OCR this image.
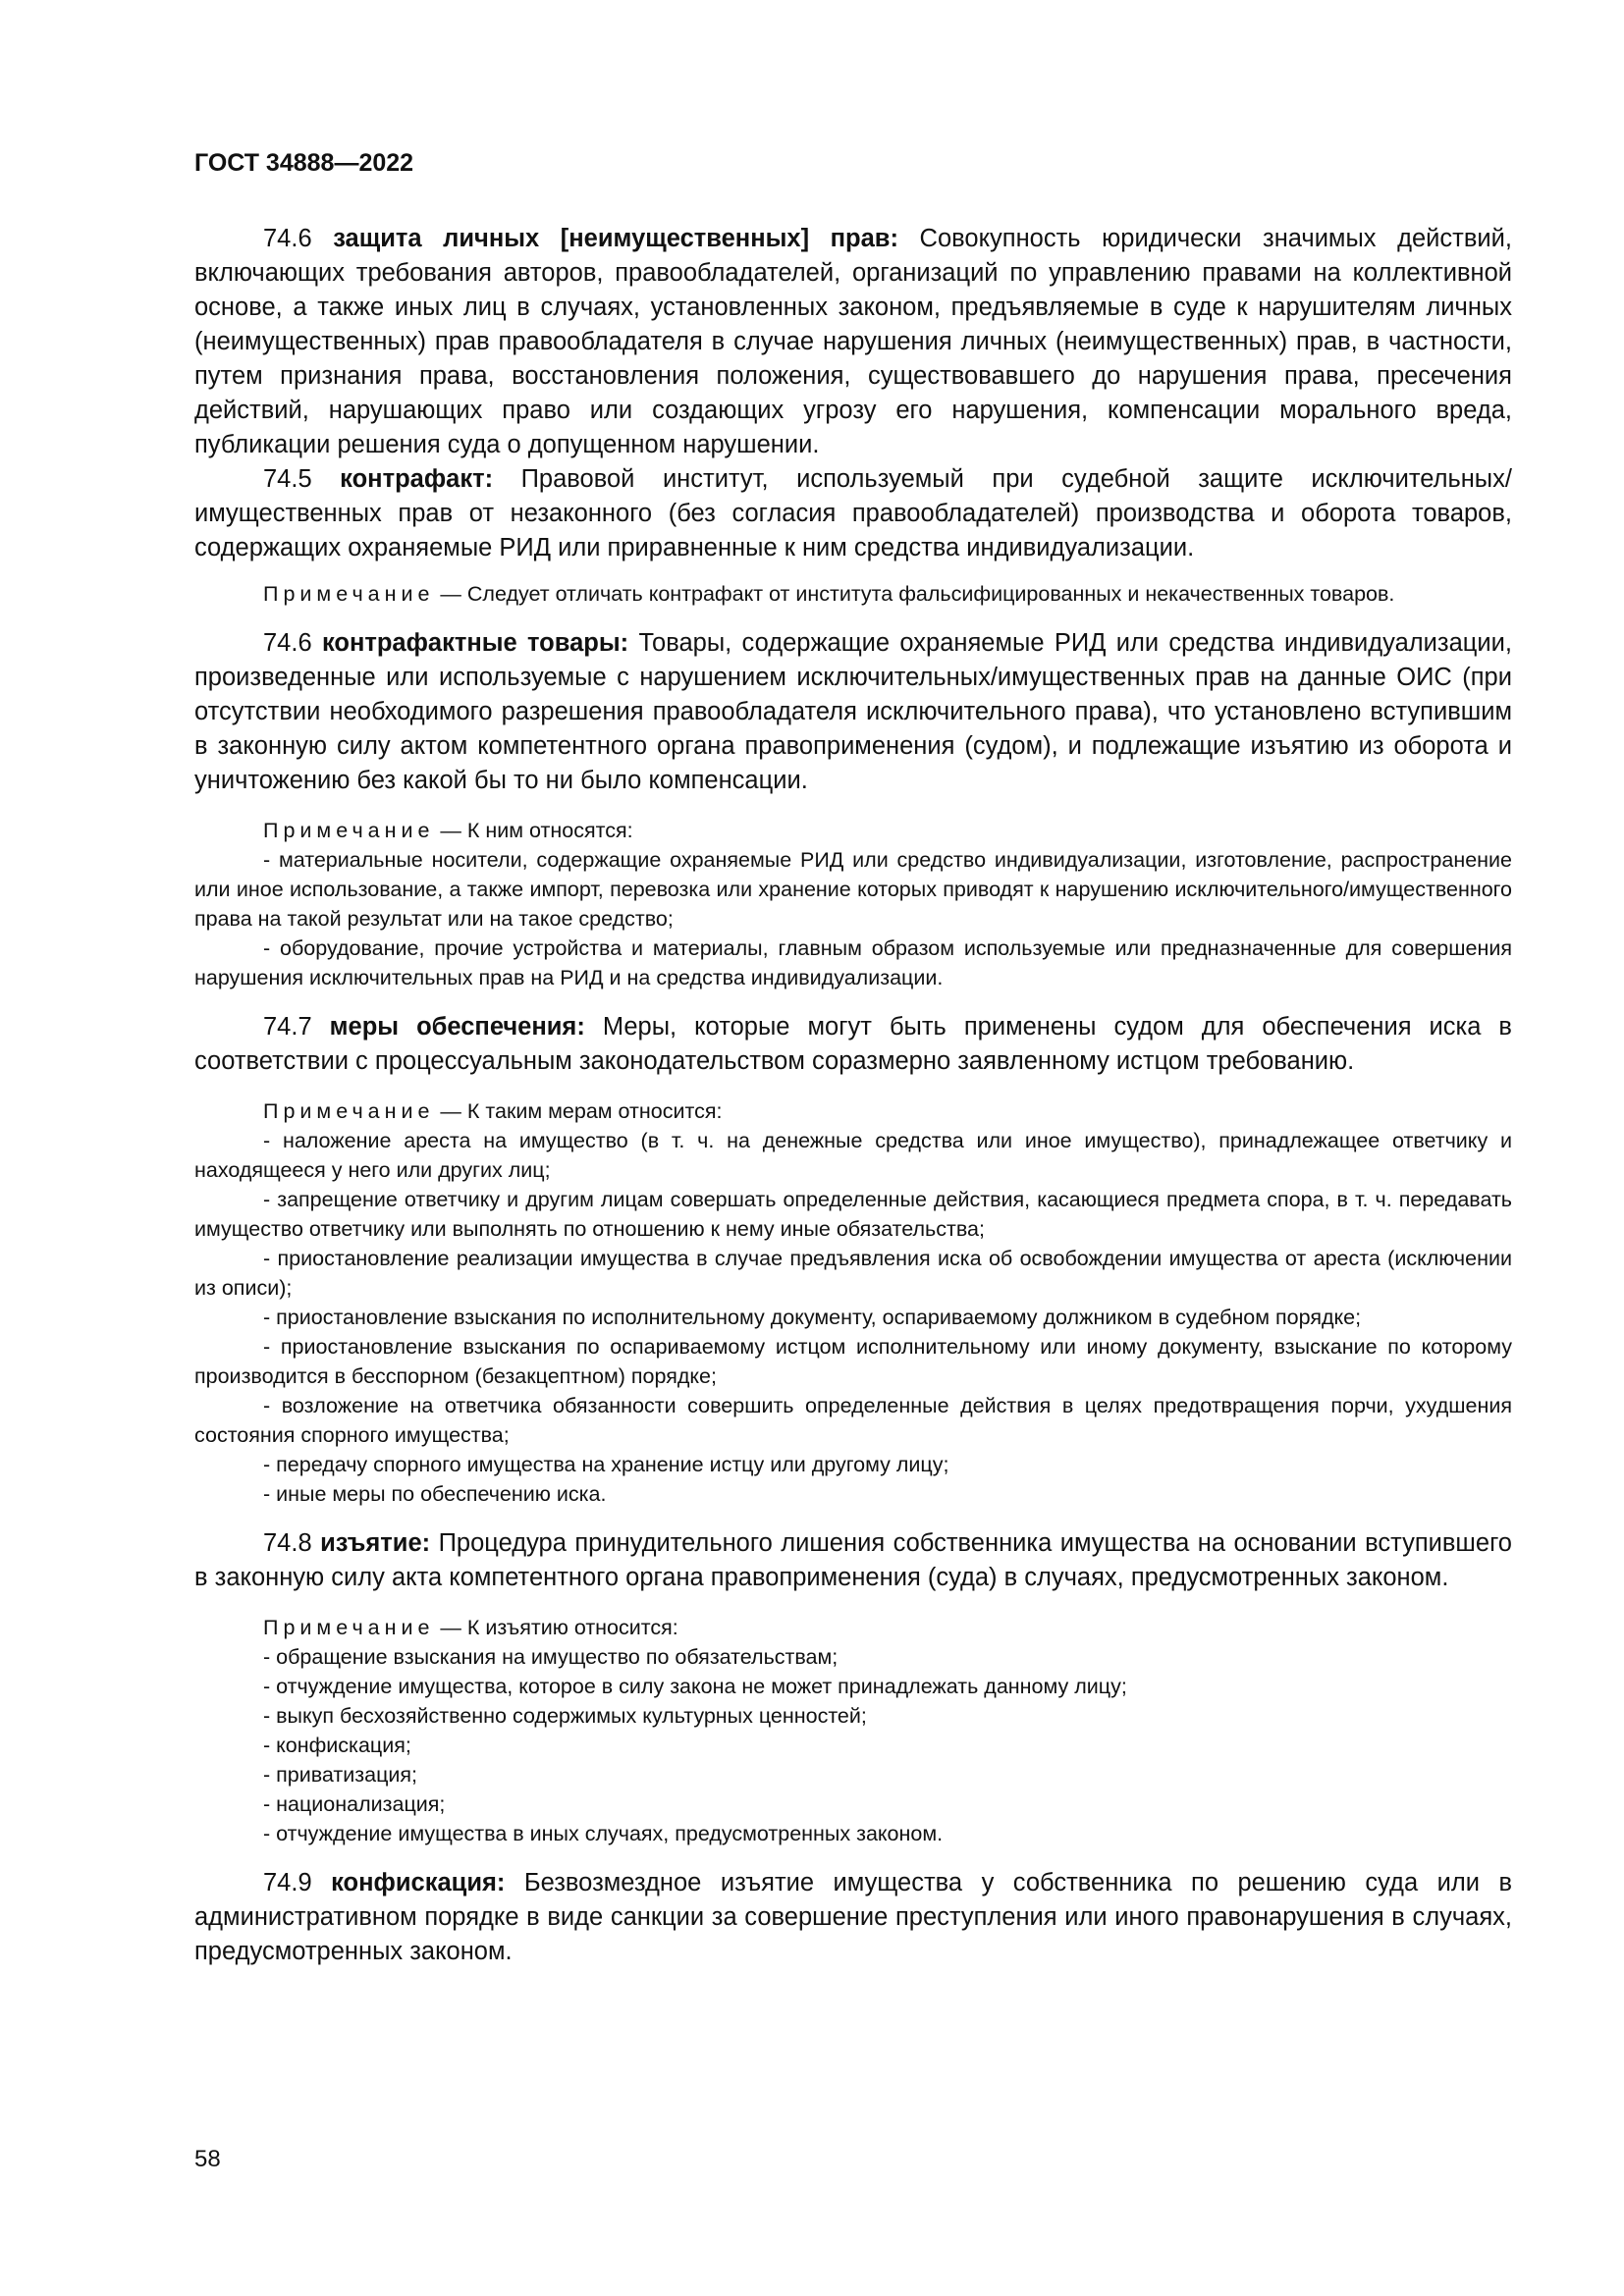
ГОСТ 34888—2022

74.6 защита личных [неимущественных] прав: Совокупность юридически значимых действий, включающих требования авторов, правообладателей, организаций по управлению правами на коллективной основе, а также иных лиц в случаях, установленных законом, предъявляемые в суде к нарушителям личных (неимущественных) прав правообладателя в случае нарушения личных (неимущественных) прав, в частности, путем признания права, восстановления положения, существовавшего до нарушения права, пресечения действий, нарушающих право или создающих угрозу его нарушения, компенсации морального вреда, публикации решения суда о допущенном нарушении.

74.5 контрафакт: Правовой институт, используемый при судебной защите исключительных/имущественных прав от незаконного (без согласия правообладателей) производства и оборота товаров, содержащих охраняемые РИД или приравненные к ним средства индивидуализации.

Примечание — Следует отличать контрафакт от института фальсифицированных и некачественных товаров.

74.6 контрафактные товары: Товары, содержащие охраняемые РИД или средства индивидуализации, произведенные или используемые с нарушением исключительных/имущественных прав на данные ОИС (при отсутствии необходимого разрешения правообладателя исключительного права), что установлено вступившим в законную силу актом компетентного органа правоприменения (судом), и подлежащие изъятию из оборота и уничтожению без какой бы то ни было компенсации.

Примечание — К ним относятся:

- материальные носители, содержащие охраняемые РИД или средство индивидуализации, изготовление, распространение или иное использование, а также импорт, перевозка или хранение которых приводят к нарушению исключительного/имущественного права на такой результат или на такое средство;

- оборудование, прочие устройства и материалы, главным образом используемые или предназначенные для совершения нарушения исключительных прав на РИД и на средства индивидуализации.

74.7 меры обеспечения: Меры, которые могут быть применены судом для обеспечения иска в соответствии с процессуальным законодательством соразмерно заявленному истцом требованию.

Примечание — К таким мерам относится:

- наложение ареста на имущество (в т. ч. на денежные средства или иное имущество), принадлежащее ответчику и находящееся у него или других лиц;

- запрещение ответчику и другим лицам совершать определенные действия, касающиеся предмета спора, в т. ч. передавать имущество ответчику или выполнять по отношению к нему иные обязательства;

- приостановление реализации имущества в случае предъявления иска об освобождении имущества от ареста (исключении из описи);

- приостановление взыскания по исполнительному документу, оспариваемому должником в судебном порядке;

- приостановление взыскания по оспариваемому истцом исполнительному или иному документу, взыскание по которому производится в бесспорном (безакцептном) порядке;

- возложение на ответчика обязанности совершить определенные действия в целях предотвращения порчи, ухудшения состояния спорного имущества;

- передачу спорного имущества на хранение истцу или другому лицу;

- иные меры по обеспечению иска.

74.8 изъятие: Процедура принудительного лишения собственника имущества на основании вступившего в законную силу акта компетентного органа правоприменения (суда) в случаях, предусмотренных законом.

Примечание — К изъятию относится:

- обращение взыскания на имущество по обязательствам;

- отчуждение имущества, которое в силу закона не может принадлежать данному лицу;

- выкуп бесхозяйственно содержимых культурных ценностей;

- конфискация;

- приватизация;

- национализация;

- отчуждение имущества в иных случаях, предусмотренных законом.

74.9 конфискация: Безвозмездное изъятие имущества у собственника по решению суда или в административном порядке в виде санкции за совершение преступления или иного правонарушения в случаях, предусмотренных законом.

58
